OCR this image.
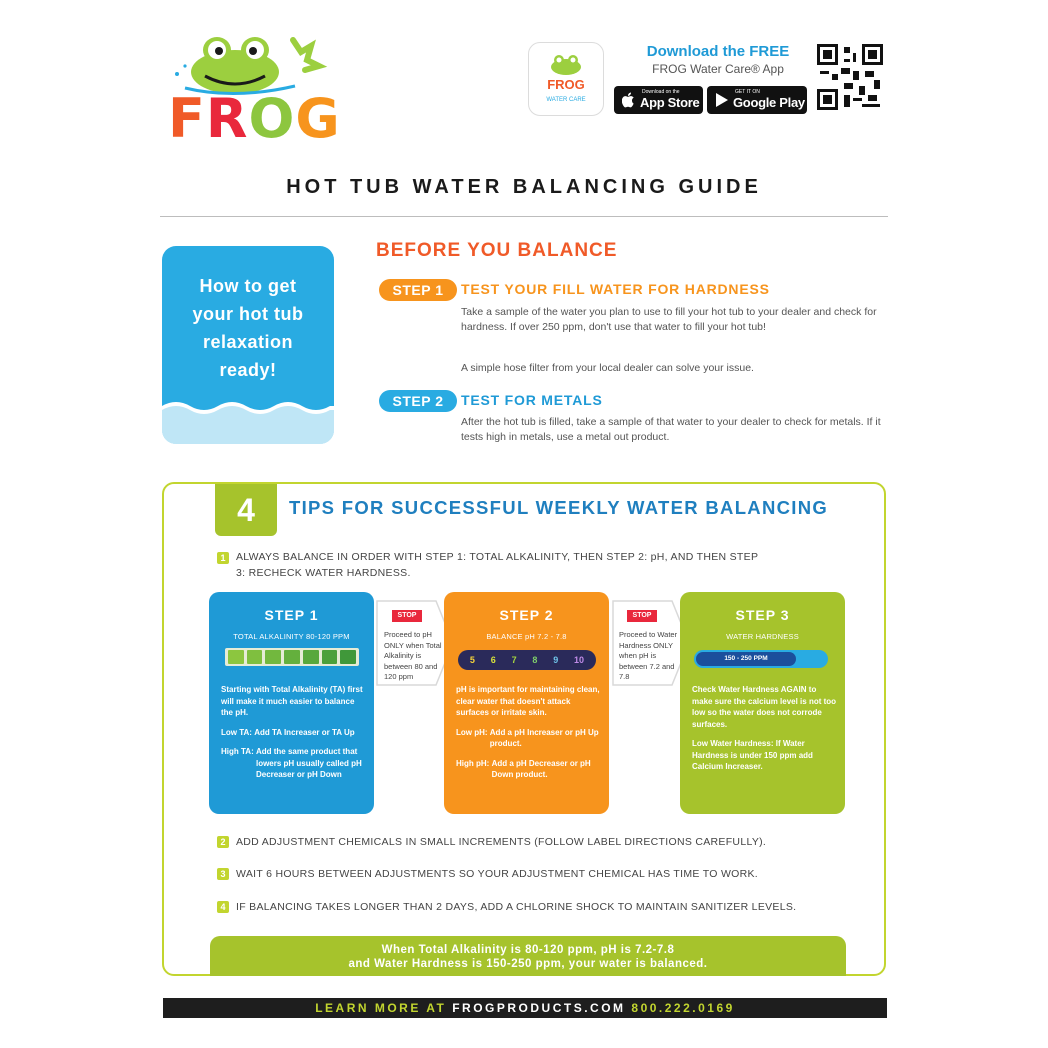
FROG
FROG
WATER CARE
Download the FREE
FROG Water Care® App
Download on the
App Store
GET IT ON
Google Play
HOT TUB WATER BALANCING GUIDE
How to get
your hot tub
relaxation
ready!
BEFORE YOU BALANCE
STEP 1	TEST YOUR FILL WATER FOR HARDNESS
Take a sample of the water you plan to use to fill your hot tub to your dealer and check for hardness. If over 250 ppm, don't use that water to fill your hot tub!
A simple hose filter from your local dealer can solve your issue.
STEP 2	TEST FOR METALS
After the hot tub is filled, take a sample of that water to your dealer to check for metals. If it tests high in metals, use a metal out product.
4	TIPS FOR SUCCESSFUL WEEKLY WATER BALANCING
1	ALWAYS BALANCE IN ORDER WITH STEP 1: TOTAL ALKALINITY, THEN STEP 2: pH, AND THEN STEP 3: RECHECK WATER HARDNESS.
STEP 1
TOTAL ALKALINITY 80-120 PPM

Starting with Total Alkalinity (TA) first will make it much easier to balance the pH.

Low TA:
Add TA Increaser or TA Up

High TA:
Add the same product that lowers pH usually called pH Decreaser or pH Down

STOP
Proceed to pH ONLY when Total Alkalinity is between 80 and 120 ppm
STEP 2
BALANCE pH 7.2 - 7.8
5 6 7 8 9 10

pH is important for maintaining clean, clear water that doesn't attack surfaces or irritate skin.

Low pH:
Add a pH Increaser or pH Up product.

High pH:
Add a pH Decreaser or pH Down product.

STOP
Proceed to Water Hardness ONLY when pH is between 7.2 and 7.8
STEP 3
WATER HARDNESS
150 - 250 PPM

Check Water Hardness AGAIN to make sure the calcium level is not too low so the water does not corrode surfaces.

Low Water Hardness: If Water Hardness is under 150 ppm add Calcium Increaser.

2	ADD ADJUSTMENT CHEMICALS IN SMALL INCREMENTS (FOLLOW LABEL DIRECTIONS CAREFULLY).
3	WAIT 6 HOURS BETWEEN ADJUSTMENTS SO YOUR ADJUSTMENT CHEMICAL HAS TIME TO WORK.
4	IF BALANCING TAKES LONGER THAN 2 DAYS, ADD A CHLORINE SHOCK TO MAINTAIN SANITIZER LEVELS.
When Total Alkalinity is 80-120 ppm, pH is 7.2-7.8
and Water Hardness is 150-250 ppm, your water is balanced.
LEARN MORE AT FROGPRODUCTS.COM 800.222.0169
